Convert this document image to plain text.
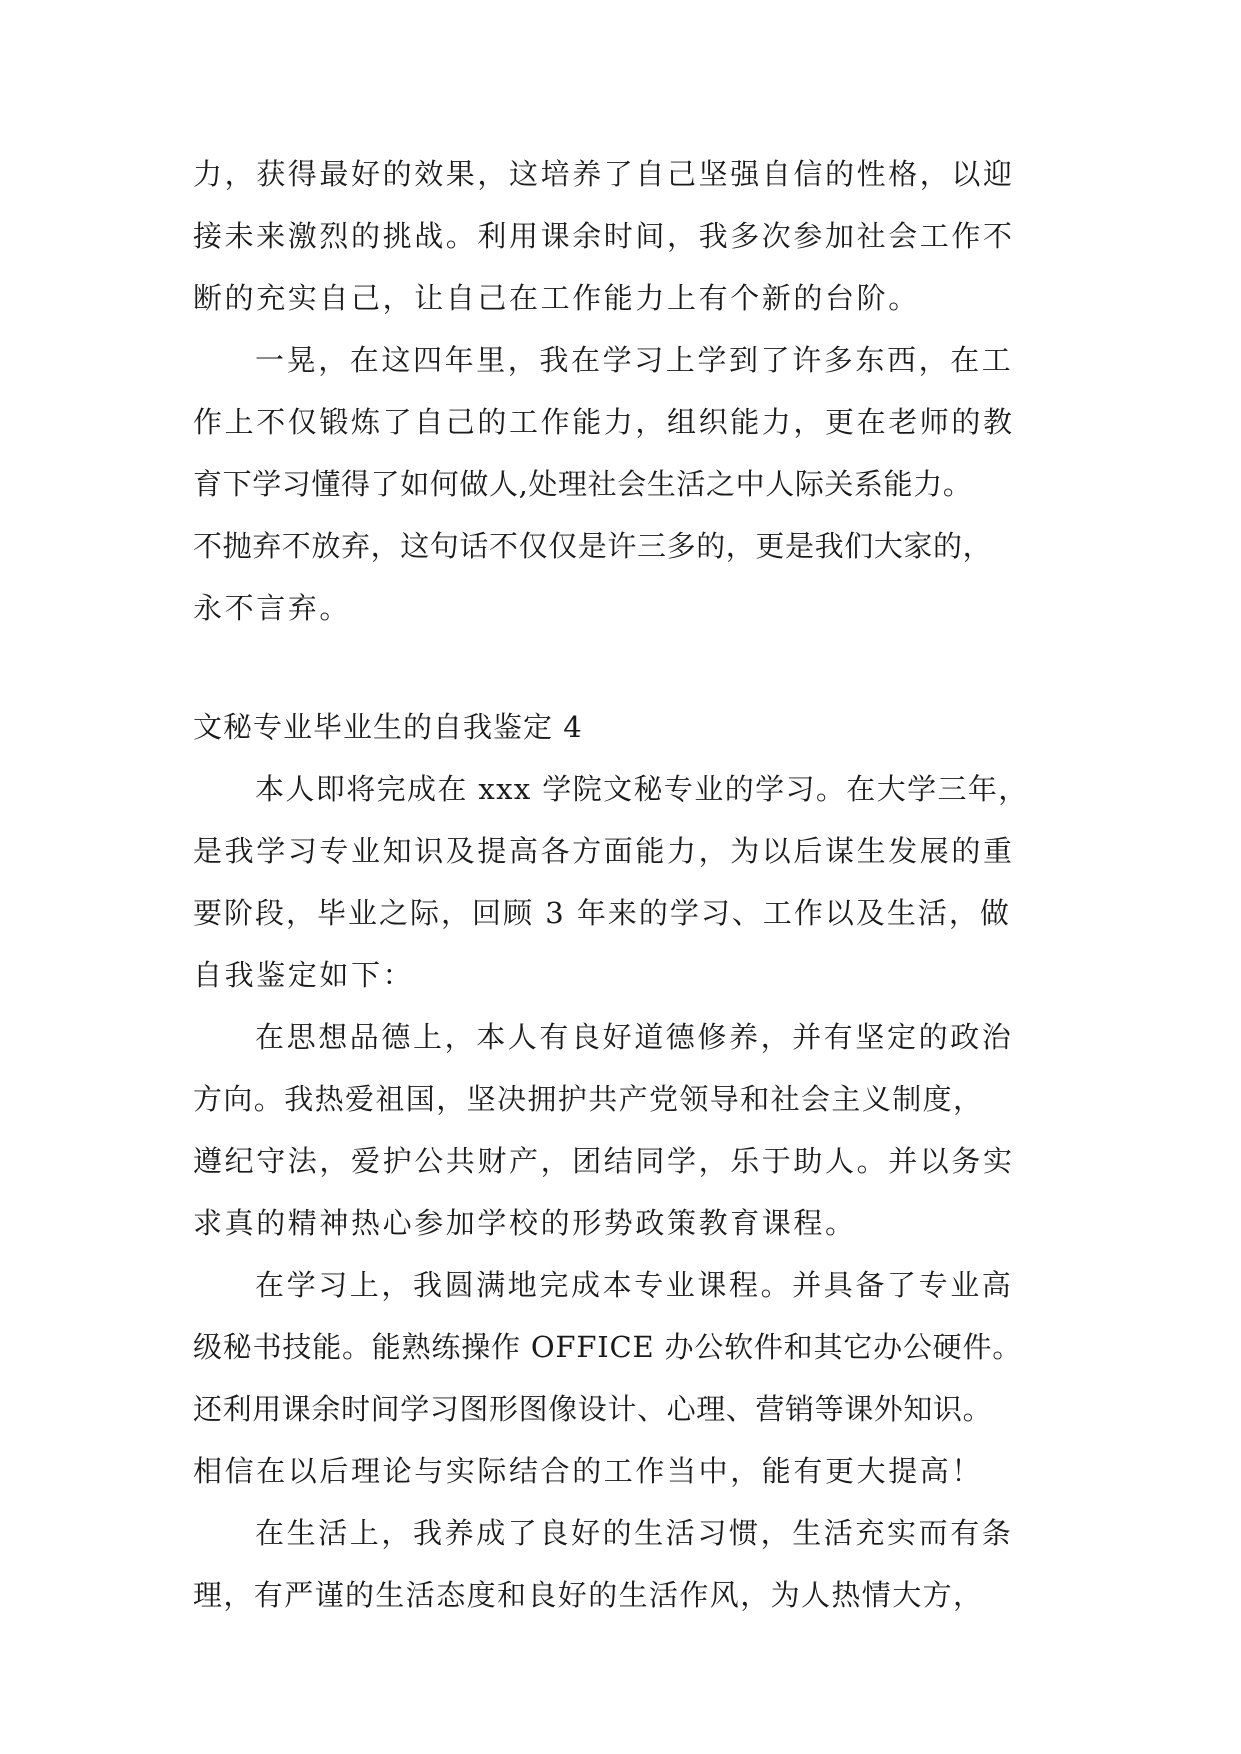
力，获得最好的效果，这培养了自己坚强自信的性格，以迎
接未来激烈的挑战。利用课余时间，我多次参加社会工作不
断的充实自己，让自己在工作能力上有个新的台阶。
一晃，在这四年里，我在学习上学到了许多东西，在工
作上不仅锻炼了自己的工作能力，组织能力，更在老师的教
育下学习懂得了如何做人,处理社会生活之中人际关系能力。
不抛弃不放弃，这句话不仅仅是许三多的，更是我们大家的，
永不言弃。
文秘专业毕业生的自我鉴定 4
本人即将完成在 xxx 学院文秘专业的学习。在大学三年，
是我学习专业知识及提高各方面能力，为以后谋生发展的重
要阶段，毕业之际，回顾 3 年来的学习、工作以及生活，做
自我鉴定如下：
在思想品德上，本人有良好道德修养，并有坚定的政治
方向。我热爱祖国，坚决拥护共产党领导和社会主义制度，
遵纪守法，爱护公共财产，团结同学，乐于助人。并以务实
求真的精神热心参加学校的形势政策教育课程。
在学习上，我圆满地完成本专业课程。并具备了专业高
级秘书技能。能熟练操作 OFFICE 办公软件和其它办公硬件。
还利用课余时间学习图形图像设计、心理、营销等课外知识。
相信在以后理论与实际结合的工作当中，能有更大提高！
在生活上，我养成了良好的生活习惯，生活充实而有条
理，有严谨的生活态度和良好的生活作风，为人热情大方，
